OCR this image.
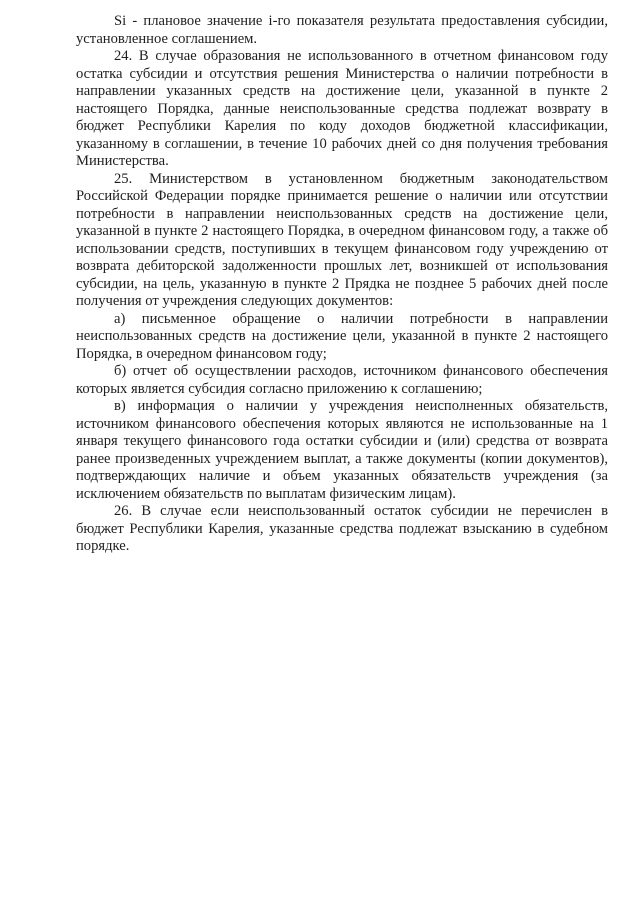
Si - плановое значение i-го показателя результата предоставления субсидии, установленное соглашением.

24. В случае образования не использованного в отчетном финансовом году остатка субсидии и отсутствия решения Министерства о наличии потребности в направлении указанных средств на достижение цели, указанной в пункте 2 настоящего Порядка, данные неиспользованные средства подлежат возврату в бюджет Республики Карелия по коду доходов бюджетной классификации, указанному в соглашении, в течение 10 рабочих дней со дня получения требования Министерства.

25. Министерством в установленном бюджетным законодательством Российской Федерации порядке принимается решение о наличии или отсутствии потребности в направлении неиспользованных средств на достижение цели, указанной в пункте 2 настоящего Порядка, в очередном финансовом году, а также об использовании средств, поступивших в текущем финансовом году учреждению от возврата дебиторской задолженности прошлых лет, возникшей от использования субсидии, на цель, указанную в пункте 2 Прядка не позднее 5 рабочих дней после получения от учреждения следующих документов:

а) письменное обращение о наличии потребности в направлении неиспользованных средств на достижение цели, указанной в пункте 2 настоящего Порядка, в очередном финансовом году;

б) отчет об осуществлении расходов, источником финансового обеспечения которых является субсидия согласно приложению к соглашению;

в) информация о наличии у учреждения неисполненных обязательств, источником финансового обеспечения которых являются не использованные на 1 января текущего финансового года остатки субсидии и (или) средства от возврата ранее произведенных учреждением выплат, а также документы (копии документов), подтверждающих наличие и объем указанных обязательств учреждения (за исключением обязательств по выплатам физическим лицам).

26. В случае если неиспользованный остаток субсидии не перечислен в бюджет Республики Карелия, указанные средства подлежат взысканию в судебном порядке.
